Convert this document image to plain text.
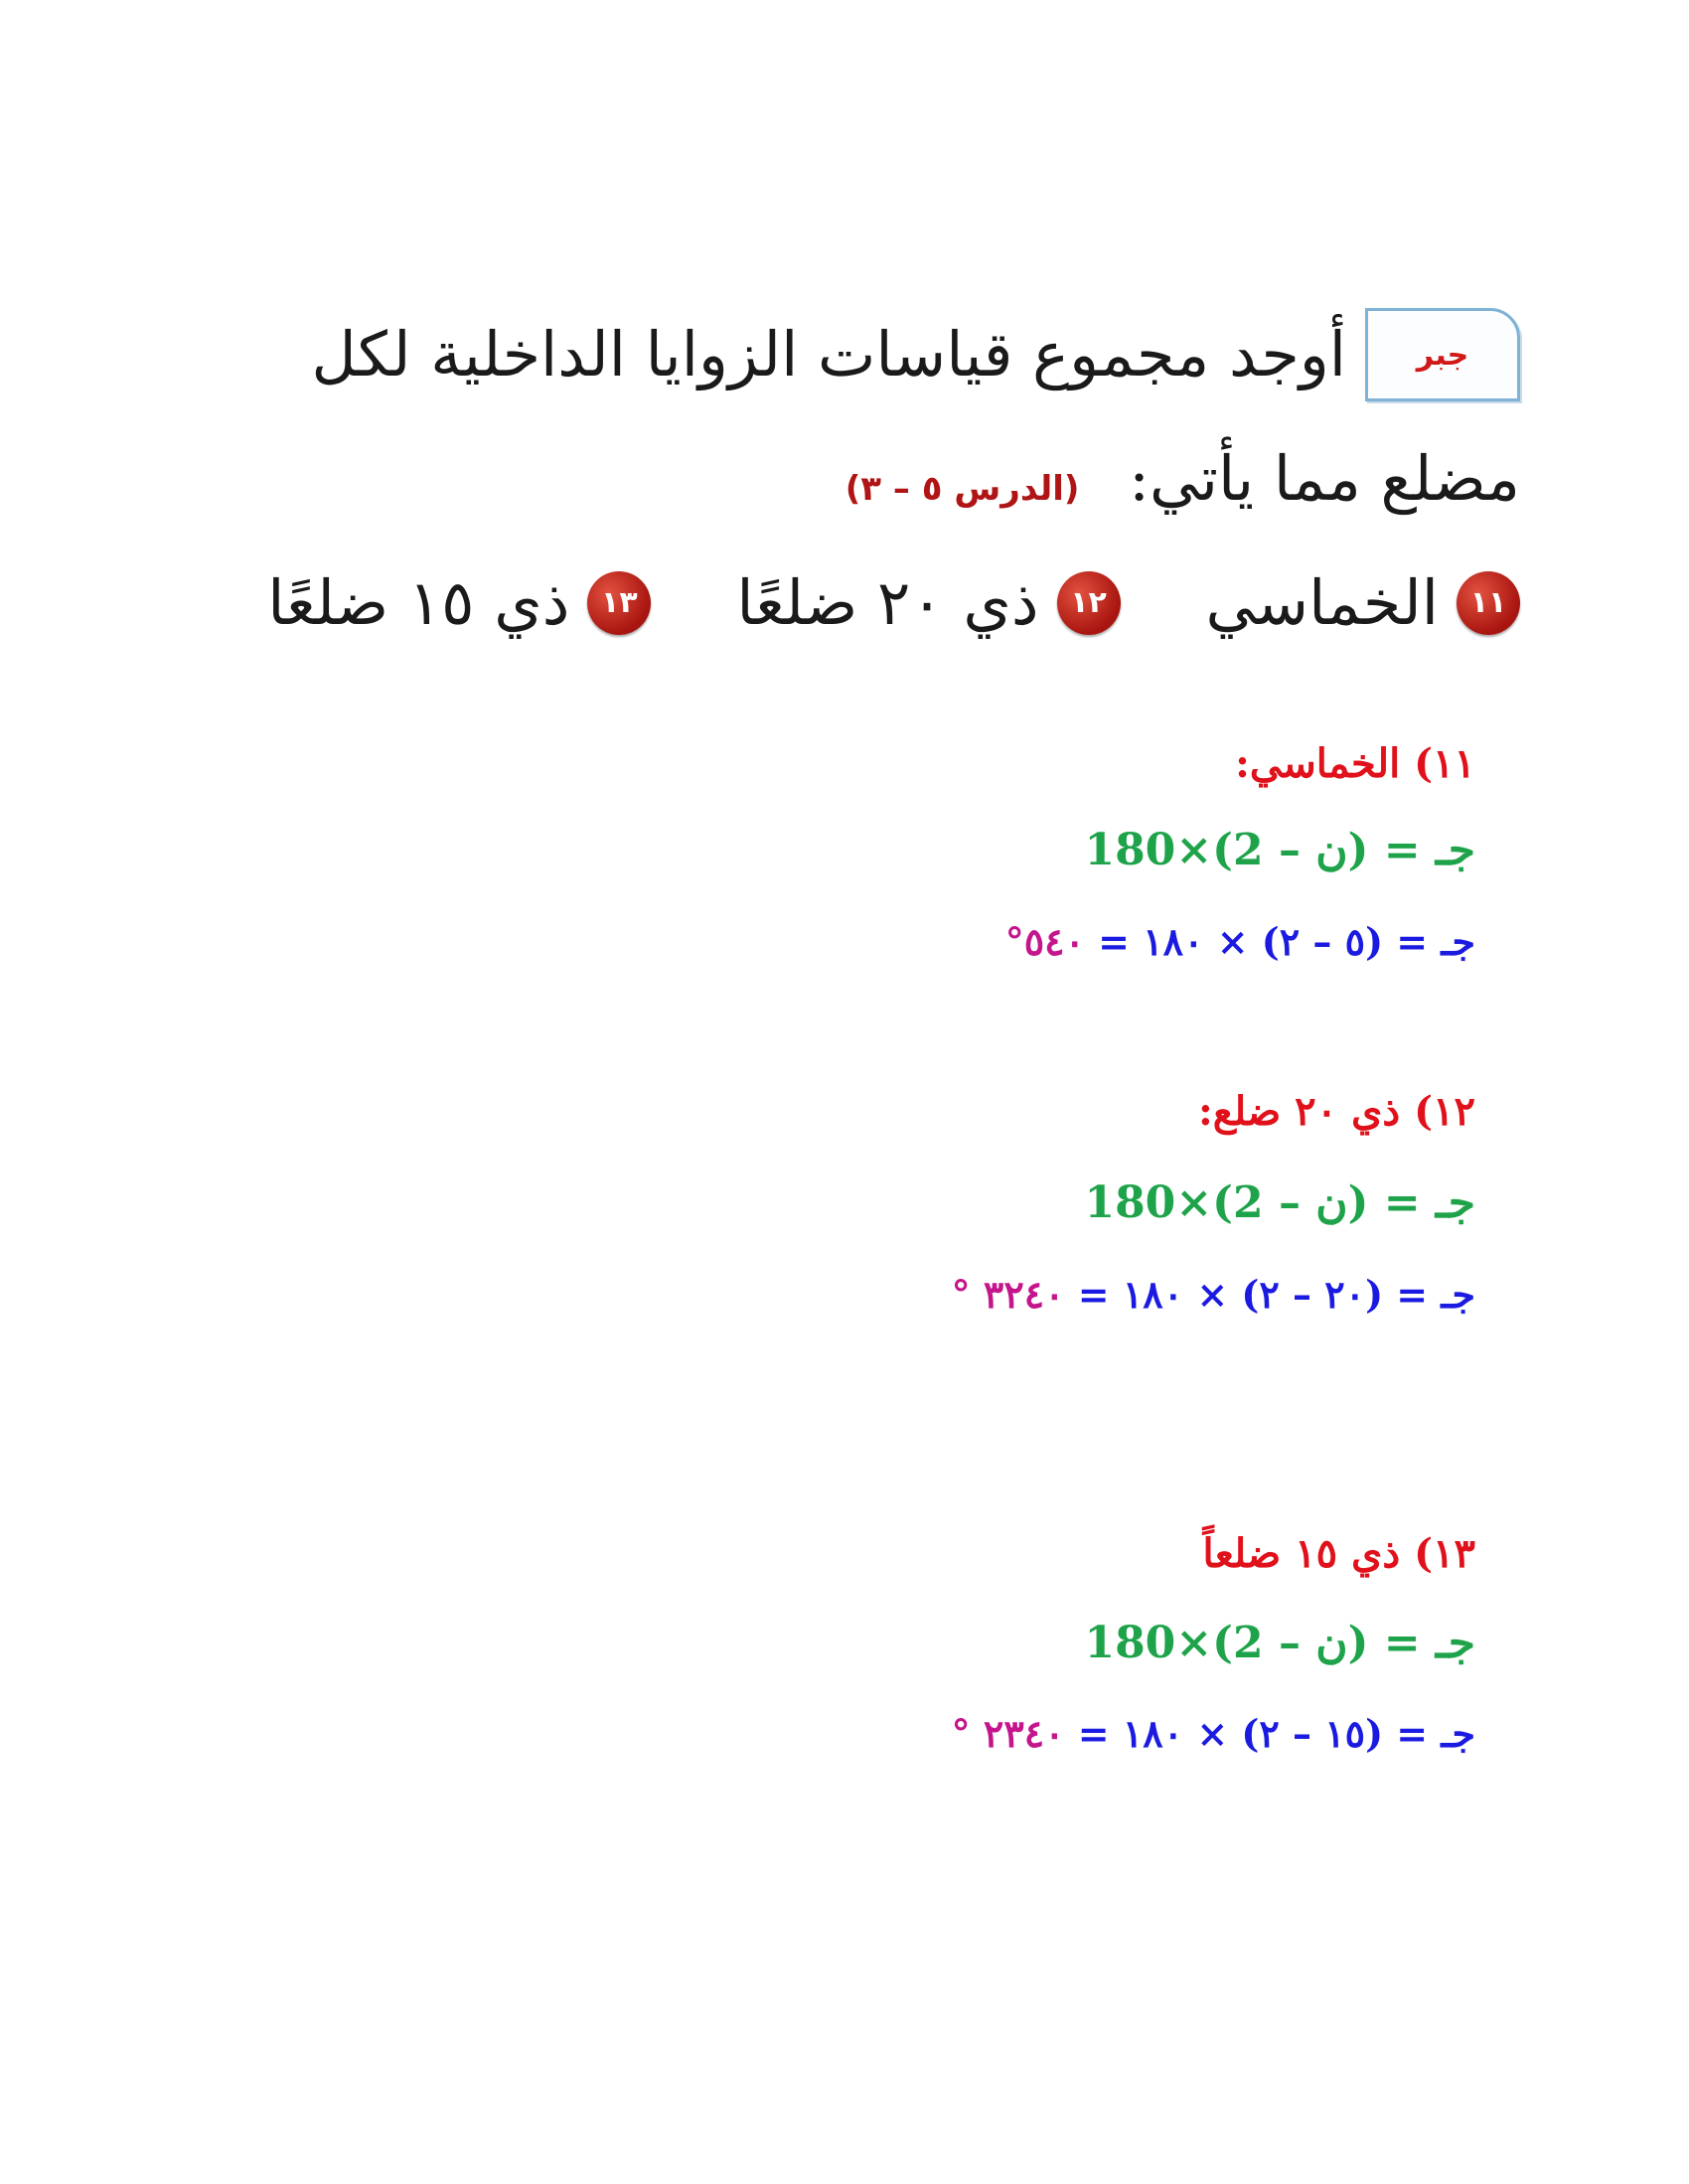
جبر
أوجد مجموع قياسات الزوايا الداخلية لكل
مضلع مما يأتي: (الدرس ٥ – ٣)
١١
الخماسي
١٢
ذي ٢٠ ضلعًا
١٣
ذي ١٥ ضلعًا
١١) الخماسي:
جـ = (ن – 2)×180
جـ = (٥ – ٢) × ١٨٠ = ٥٤٠°
١٢) ذي ٢٠ ضلع:
جـ = (ن – 2)×180
جـ = (٢٠ – ٢) × ١٨٠ = ٣٢٤٠ °
١٣) ذي ١٥ ضلعاً
جـ = (ن – 2)×180
جـ = (١٥ – ٢) × ١٨٠ = ٢٣٤٠ °
